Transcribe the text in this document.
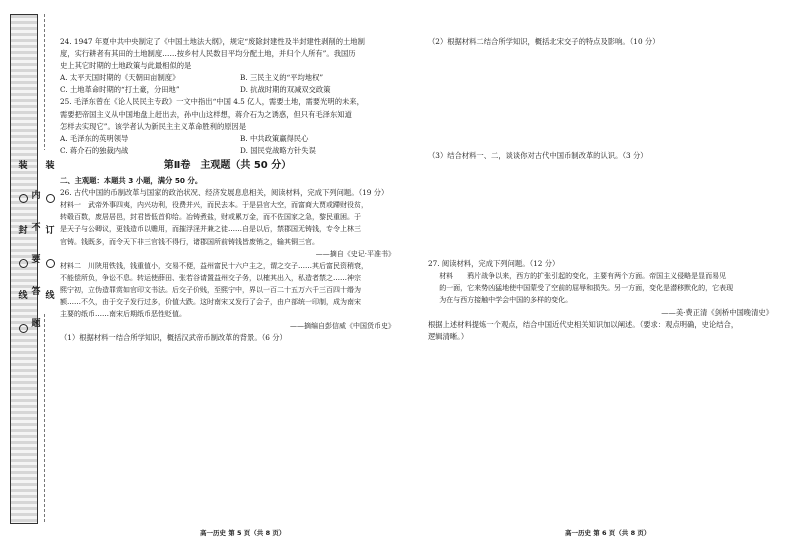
装
封
线
内
不
要
答
题
装
订
线

24. 1947 年夏中共中央制定了《中国土地法大纲》，规定“废除封建性及半封建性剥削的土地制

度，实行耕者有其田的土地制度……按乡村人民数目平均分配土地，并归个人所有”。我国历

史上其它时期的土地政策与此最相似的是

A. 太平天国时期的《天朝田亩制度》	B. 三民主义的“平均地权”
C. 土地革命时期的“打土豪，分田地”	D. 抗战时期的双减双交政策

25. 毛泽东曾在《论人民民主专政》一文中指出“中国 4.5 亿人，需要土地，需要光明的未来，

需要把帝国主义从中国地盘上赶出去，孙中山这样想，蒋介石为之诱惑，但只有毛泽东知道

怎样去实现它”。该学者认为新民主主义革命胜利的原因是

A. 毛泽东的英明领导	B. 中共政策赢得民心
C. 蒋介石的独裁内战	D. 国民党战略方针失误
第Ⅱ卷　主观题（共 50 分）

二、主观题：本题共 3 小题，满分 50 分。

26. 古代中国的币制改革与国家的政治状况、经济发展息息相关，阅读材料，完成下列问题。（19 分）

材料一　武帝外事四夷，内兴功利，役费并兴，而民去本。于是县官大空，而富商大贾或蹛财役贫，

转毂百数，废居居邑，封君皆低首仰给。冶铸煮盐，财或累万金，而不佐国家之急，黎民重困。于

是天子与公卿议，更钱造币以赡用，而摧浮淫并兼之徒……自是以后，禁郡国无铸钱，专令上林三

官铸。钱既多，而令天下非三官钱不得行，诸郡国所前铸钱皆废销之，输其铜三官。

——摘自《史记·平准书》

材料二　川陕用铁钱，钱重值小，交易不便，益州富民十六户主之，谓之交子……其后富民资稍衰，

不能偿所负，争讼不息。转运使薛田、张若谷请置益州交子务，以榷其出入，私造者禁之……神宗

熙宁初，立伪造罪赏如官印文书法。后交子价贱，至熙宁中，界以一百二十五万六千三百四十缗为

额……不久，由于交子发行过多，价值大跌。这时南宋又发行了会子，由户部统一印制，成为南宋

主要的纸币……南宋后期纸币恶性贬值。

——摘编自彭信威《中国货币史》

（1）根据材料一结合所学知识，概括汉武帝币制改革的背景。（6 分）

（2）根据材料二结合所学知识，概括北宋交子的特点及影响。（10 分）

（3）结合材料一、二，谈谈你对古代中国币制改革的认识。（3 分）

27. 阅读材料，完成下列问题。（12 分）

材料　　鸦片战争以来，西方的扩张引起的变化，主要有两个方面。帝国主义侵略是显而易见

的一面，它来势凶猛地使中国蒙受了空前的屈辱和损失。另一方面，变化是潜移默化的，它表现

为在与西方接触中学会中国的多样的变化。

——美·费正清《剑桥中国晚清史》

根据上述材料提炼一个观点，结合中国近代史相关知识加以阐述。（要求：观点明确，史论结合，

逻辑清晰。）

高一历史 第 5 页（共 8 页）	高一历史 第 6 页（共 8 页）
